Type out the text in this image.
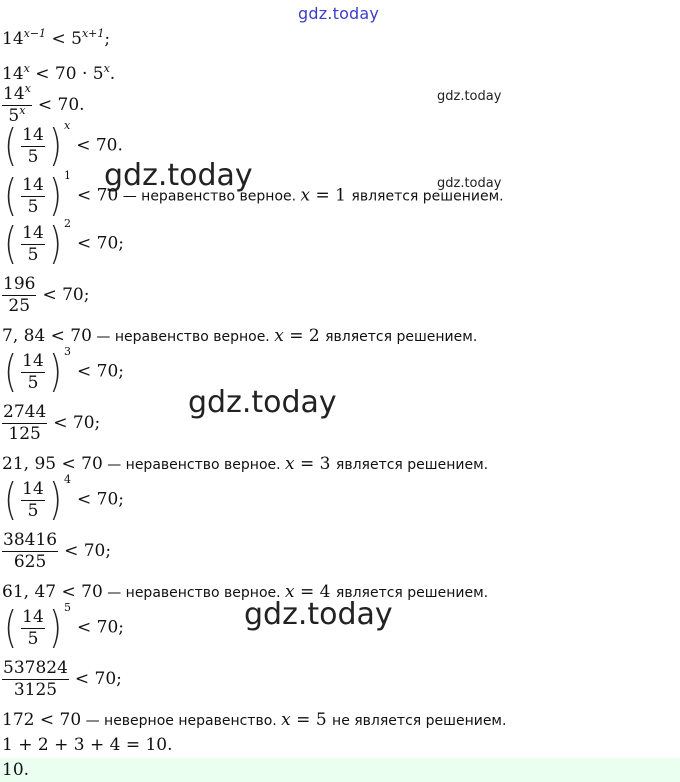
gdz.today
gdz.today
gdz.today
gdz.today
gdz.today
gdz.today
$14^{x-1} < 5^{x+1}$;
$14^x < 70 \cdot 5^x$.
$\frac{14^x}{5^x} < 70$.
( $\frac{14}{5}$ ) x
< 70.
( $\frac{14}{5}$ ) 1
< 70 — неравенство верное. x = 1 является решением.
( $\frac{14}{5}$ ) 2
< 70;
$\frac{196}{25} < 70$;
7, 84 < 70 — неравенство верное. x = 2 является решением.
( $\frac{14}{5}$ ) 3
< 70;
$\frac{2744}{125} < 70$;
21, 95 < 70 — неравенство верное. x = 3 является решением.
( $\frac{14}{5}$ ) 4
< 70;
$\frac{38416}{625} < 70$;
61, 47 < 70 — неравенство верное. x = 4 является решением.
( $\frac{14}{5}$ ) 5
< 70;
$\frac{537824}{3125} < 70$;
172 < 70 — неверное неравенство. x = 5 не является решением.
1 + 2 + 3 + 4 = 10.
10.
